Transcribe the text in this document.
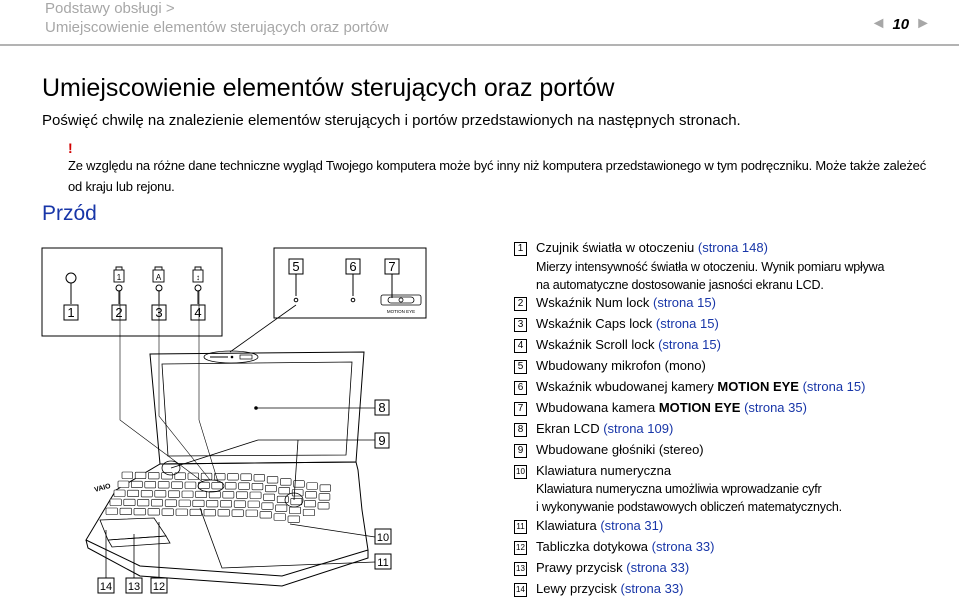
Podstawy obsługi >
Umiejscowienie elementów sterujących oraz portów	◄ 10 ►
Umiejscowienie elementów sterujących oraz portów
Poświęć chwilę na znalezienie elementów sterujących i portów przedstawionych na następnych stronach.
!
Ze względu na różne dane techniczne wygląd Twojego komputera może być inny niż komputera przedstawionego w tym podręczniku. Może także zależeć od kraju lub rejonu.
Przód
1	A	↕
1	2	3 4
5	6 7
MOTION EYE
VAIO
8
9
10
11
14 13 12
1 Czujnik światła w otoczeniu (strona 148)
Mierzy intensywność światła w otoczeniu. Wynik pomiaru wpływa
na automatyczne dostosowanie jasności ekranu LCD.
2 Wskaźnik Num lock (strona 15)
3 Wskaźnik Caps lock (strona 15)
4 Wskaźnik Scroll lock (strona 15)
5 Wbudowany mikrofon (mono)
6 Wskaźnik wbudowanej kamery MOTION EYE (strona 15)
7 Wbudowana kamera MOTION EYE (strona 35)
8 Ekran LCD (strona 109)
9 Wbudowane głośniki (stereo)
10 Klawiatura numeryczna
Klawiatura numeryczna umożliwia wprowadzanie cyfr
i wykonywanie podstawowych obliczeń matematycznych.
11 Klawiatura (strona 31)
12 Tabliczka dotykowa (strona 33)
13 Prawy przycisk (strona 33)
14 Lewy przycisk (strona 33)
